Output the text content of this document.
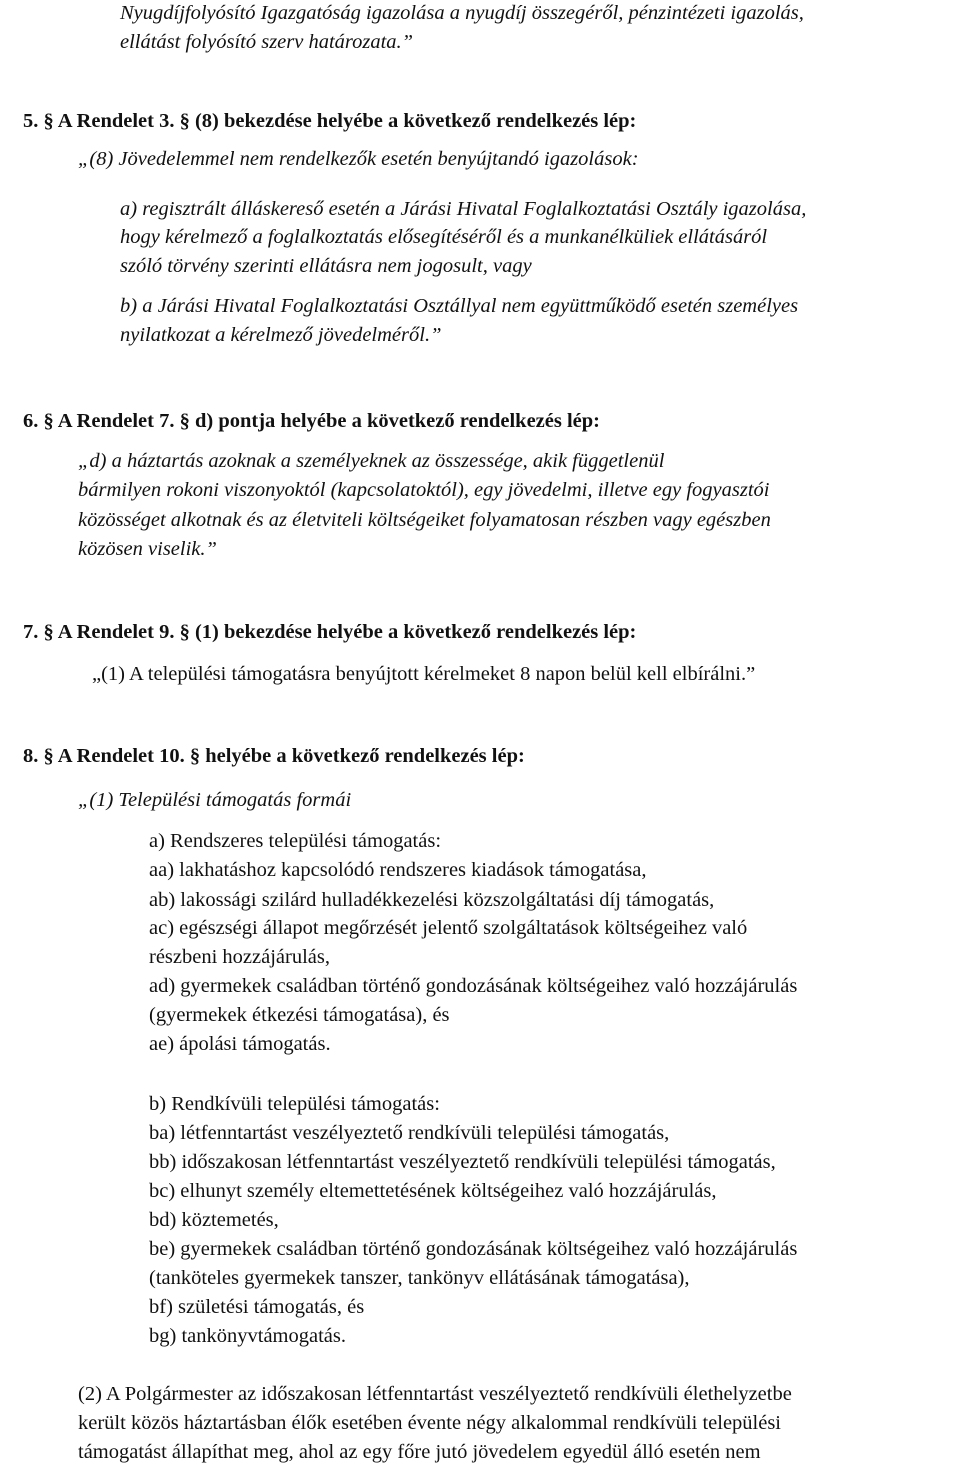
Nyugdíjfolyósító Igazgatóság igazolása a nyugdíj összegéről, pénzintézeti igazolás,
ellátást folyósító szerv határozata.”
5. § A Rendelet 3. § (8) bekezdése helyébe a következő rendelkezés lép:
„(8) Jövedelemmel nem rendelkezők esetén benyújtandó igazolások:
a) regisztrált álláskereső esetén a Járási Hivatal Foglalkoztatási Osztály igazolása,
hogy kérelmező a foglalkoztatás elősegítéséről és a munkanélküliek ellátásáról
szóló törvény szerinti ellátásra nem jogosult, vagy
b) a Járási Hivatal Foglalkoztatási Osztállyal nem együttműködő esetén személyes
nyilatkozat a kérelmező jövedelméről.”
6. § A Rendelet 7. § d) pontja helyébe a következő rendelkezés lép:
„d) a háztartás azoknak a személyeknek az összessége, akik függetlenül
bármilyen rokoni viszonyoktól (kapcsolatoktól), egy jövedelmi, illetve egy fogyasztói
közösséget alkotnak és az életviteli költségeiket folyamatosan részben vagy egészben
közösen viselik.”
7. § A Rendelet 9. § (1) bekezdése helyébe a következő rendelkezés lép:
„(1) A települési támogatásra benyújtott kérelmeket 8 napon belül kell elbírálni.”
8. § A Rendelet 10. § helyébe a következő rendelkezés lép:
„(1) Települési támogatás formái
a) Rendszeres települési támogatás:
aa) lakhatáshoz kapcsolódó rendszeres kiadások támogatása,
ab) lakossági szilárd hulladékkezelési közszolgáltatási díj támogatás,
ac) egészségi állapot megőrzését jelentő szolgáltatások költségeihez való
részbeni hozzájárulás,
ad) gyermekek családban történő gondozásának költségeihez való hozzájárulás
(gyermekek étkezési támogatása), és
ae) ápolási támogatás.
b) Rendkívüli települési támogatás:
ba) létfenntartást veszélyeztető rendkívüli települési támogatás,
bb) időszakosan létfenntartást veszélyeztető rendkívüli települési támogatás,
bc) elhunyt személy eltemettetésének költségeihez való hozzájárulás,
bd) köztemetés,
be) gyermekek családban történő gondozásának költségeihez való hozzájárulás
(tanköteles gyermekek tanszer, tankönyv ellátásának támogatása),
bf) születési támogatás, és
bg) tankönyvtámogatás.
(2) A Polgármester az időszakosan létfenntartást veszélyeztető rendkívüli élethelyzetbe
került közös háztartásban élők esetében évente négy alkalommal rendkívüli települési
támogatást állapíthat meg, ahol az egy főre jutó jövedelem egyedül álló esetén nem
